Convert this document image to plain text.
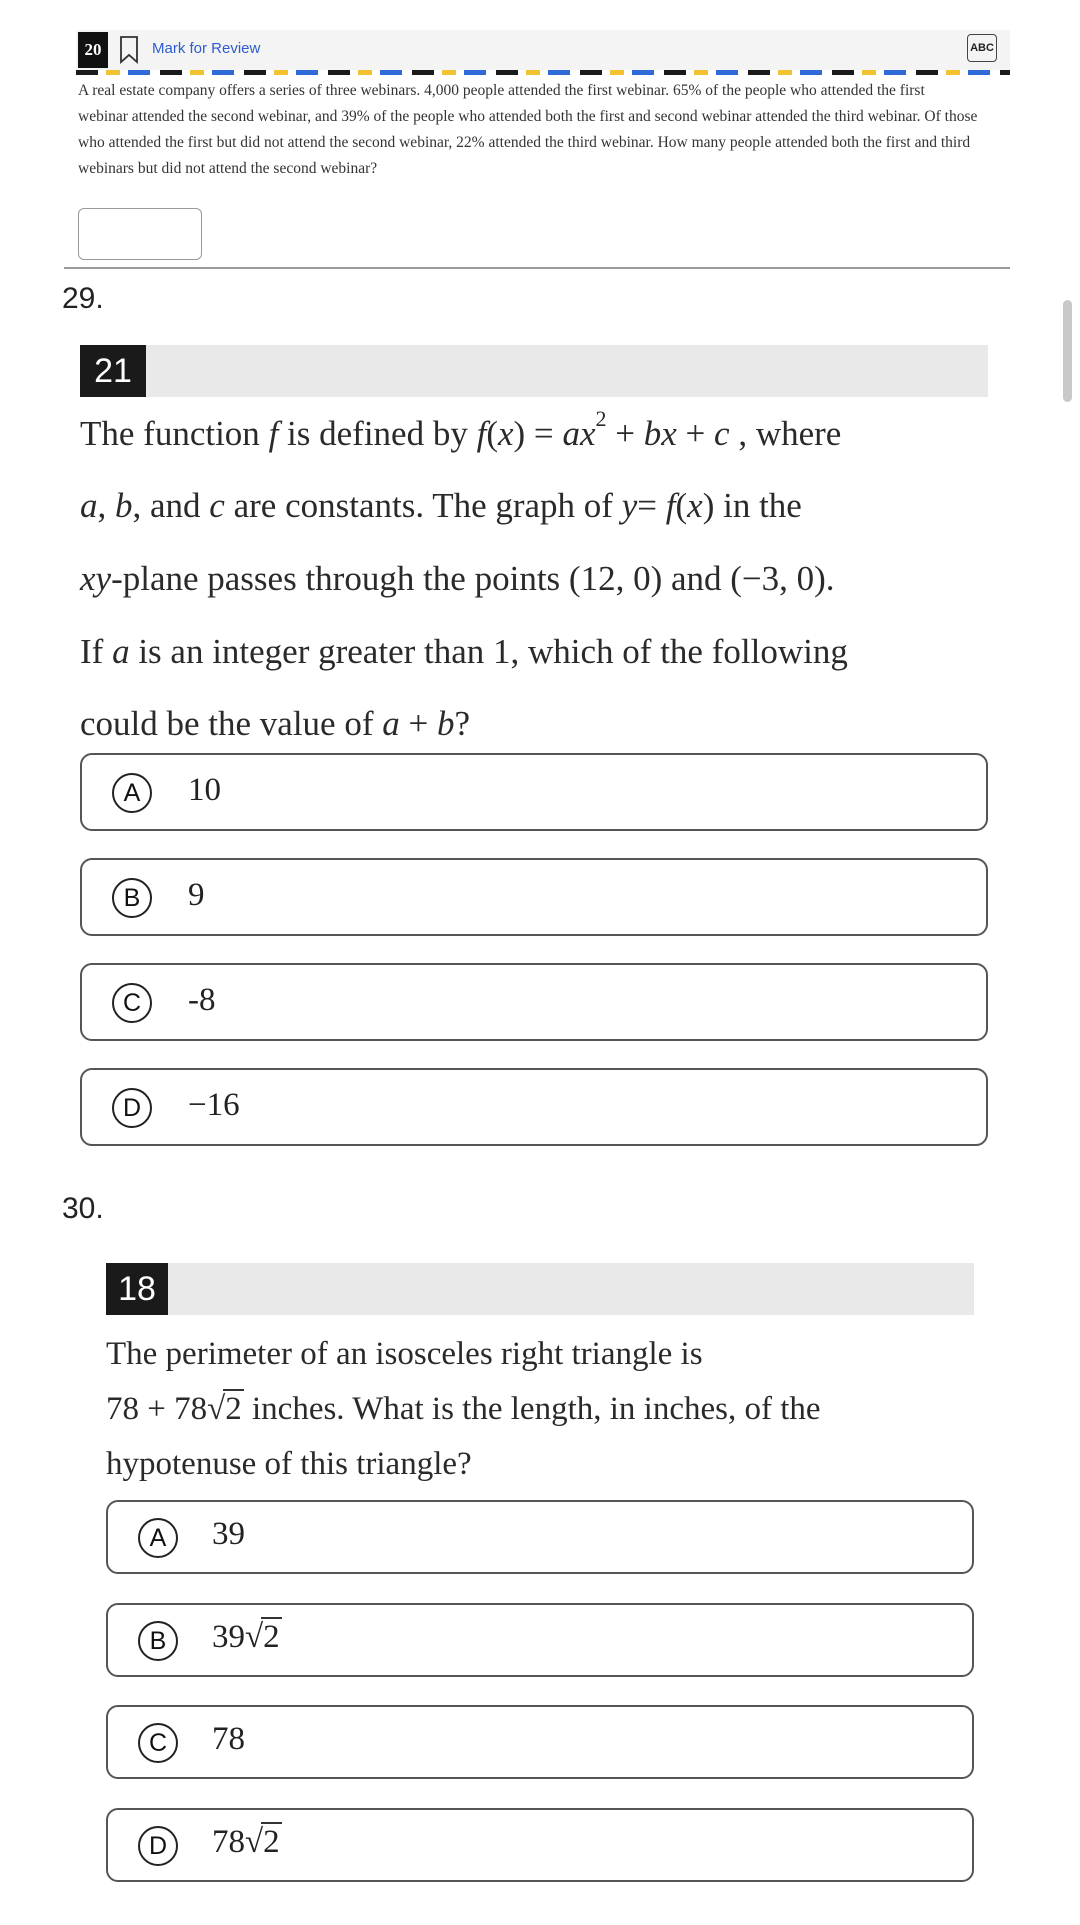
20	Mark for Review	ABC

A real estate company offers a series of three webinars. 4,000 people attended the first webinar. 65% of the people who attended the first webinar attended the second webinar, and 39% of the people who attended both the first and second webinar attended the third webinar. Of those who attended the first but did not attend the second webinar, 22% attended the third webinar. How many people attended both the first and third webinars but did not attend the second webinar?

29.
21
The function f is defined by $f(x) = ax^2$ + bx + c , where
a, b, and c are constants. The graph of y= f(x) in the
xy-plane passes through the points (12, 0) and (−3, 0).
If a is an integer greater than 1, which of the following
could be the value of a + b?
A	10
B	9
C	-8
D	−16
30.
18
The perimeter of an isosceles right triangle is
78 + 78√2 inches. What is the length, in inches, of the
hypotenuse of this triangle?
A	39
B	39√2
C	78
D	78√2
